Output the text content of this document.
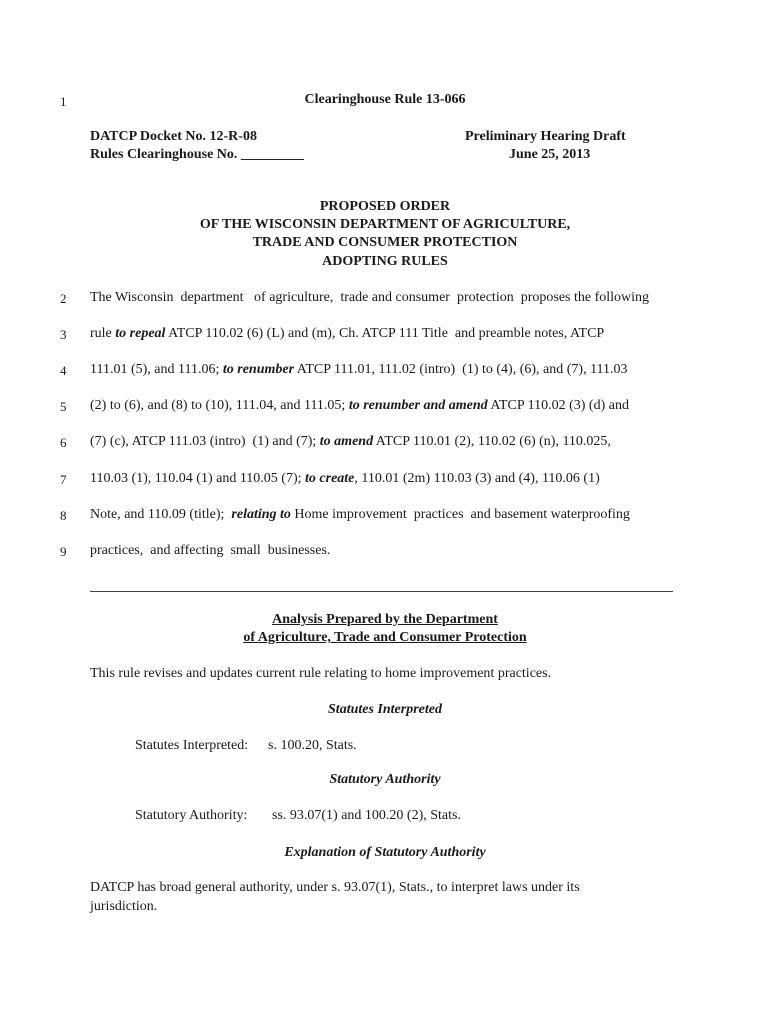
1	Clearinghouse Rule 13-066
DATCP Docket No. 12-R-08
Rules Clearinghouse No. _________
Preliminary Hearing Draft
June 25, 2013
PROPOSED ORDER
OF THE WISCONSIN DEPARTMENT OF AGRICULTURE,
TRADE AND CONSUMER PROTECTION
ADOPTING RULES
2 The Wisconsin  department   of agriculture,  trade and consumer  protection  proposes the following
3 rule to repeal ATCP 110.02 (6) (L) and (m), Ch. ATCP 111 Title  and preamble notes, ATCP
4 111.01 (5), and 111.06; to renumber ATCP 111.01, 111.02 (intro)  (1) to (4), (6), and (7), 111.03
5 (2) to (6), and (8) to (10), 111.04, and 111.05; to renumber and amend ATCP 110.02 (3) (d) and
6 (7) (c), ATCP 111.03 (intro)  (1) and (7); to amend ATCP 110.01 (2), 110.02 (6) (n), 110.025,
7 110.03 (1), 110.04 (1) and 110.05 (7); to create, 110.01 (2m) 110.03 (3) and (4), 110.06 (1)
8 Note, and 110.09 (title);  relating to Home improvement  practices  and basement waterproofing
9 practices,  and affecting  small  businesses.
Analysis Prepared by the Department
of Agriculture, Trade and Consumer Protection
This rule revises and updates current rule relating to home improvement practices.
Statutes Interpreted
Statutes Interpreted: s. 100.20, Stats.
Statutory Authority
Statutory Authority: ss. 93.07(1) and 100.20 (2), Stats.
Explanation of Statutory Authority
DATCP has broad general authority, under s. 93.07(1), Stats., to interpret laws under its
jurisdiction.
